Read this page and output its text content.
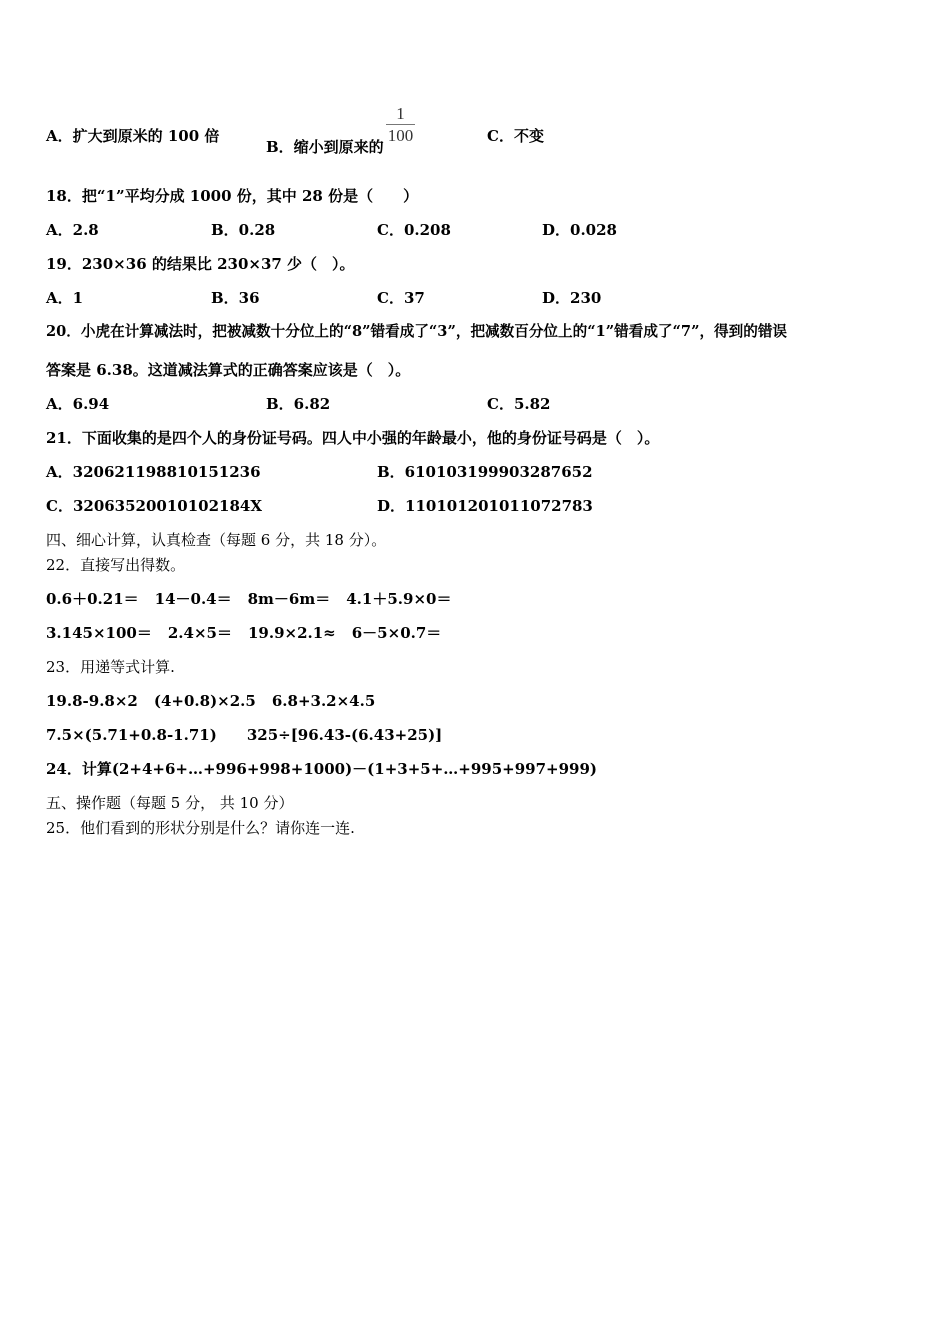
A．扩大到原米的 100 倍
B．缩小到原来的 $\frac{1}{100}$	C．不变
18．把“1”平均分成 1000 份，其中 28 份是（　　）
A．2.8	B．0.28	C．0.208	D．0.028
19．230×36 的结果比 230×37 少（　）。
A．1	B．36	C．37	D．230
20．小虎在计算减法时，把被减数十分位上的“8”错看成了“3”，把减数百分位上的“1”错看成了“7”，得到的错误
答案是 6.38。这道减法算式的正确答案应该是（　）。
A．6.94	B．6.82	C．5.82
21．下面收集的是四个人的身份证号码。四人中小强的年龄最小，他的身份证号码是（　）。
A．320621198810151236	B．610103199903287652
C．32063520010102184X	D．110101201011072783
四、细心计算，认真检查（每题 6 分，共 18 分）。
22．直接写出得数。
0.6＋0.21＝ 14－0.4＝ 8m－6m＝ 4.1＋5.9×0＝
3.145×100＝ 2.4×5＝ 19.9×2.1≈ 6－5×0.7＝
23．用递等式计算.
19.8-9.8×2 (4+0.8)×2.5 6.8+3.2×4.5
7.5×(5.71+0.8-1.71) 325÷[96.43-(6.43+25)]
24．计算(2+4+6+…+996+998+1000)－(1+3+5+…+995+997+999)
五、操作题（每题 5 分， 共 10 分）
25．他们看到的形状分别是什么？请你连一连.
